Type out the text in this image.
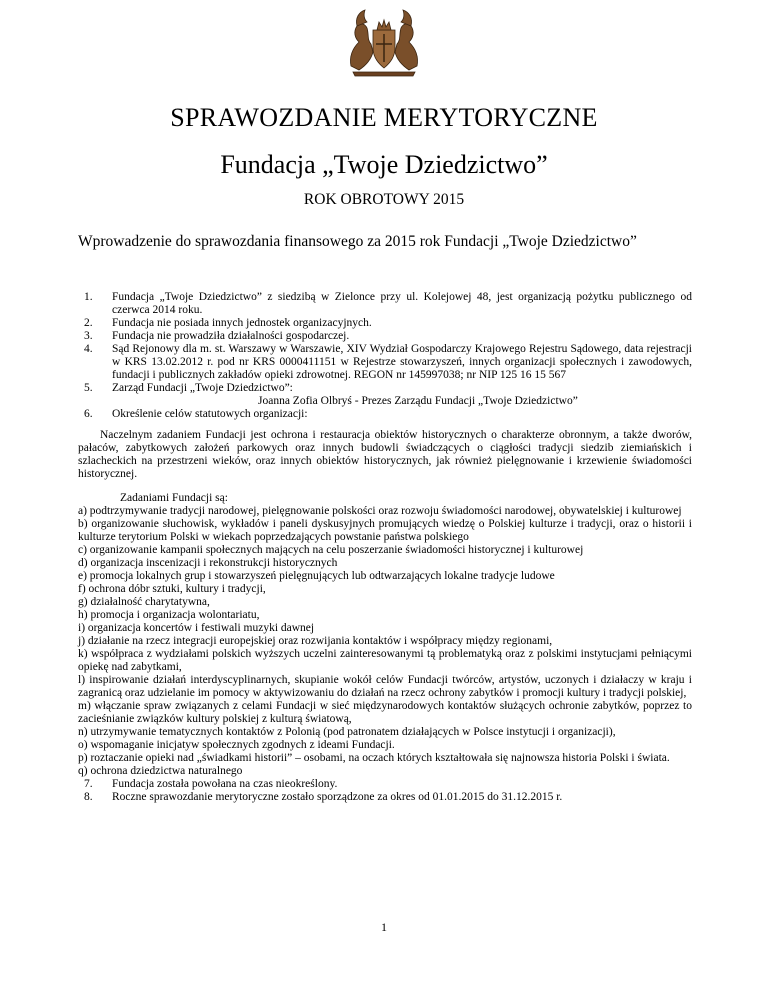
SPRAWOZDANIE MERYTORYCZNE
Fundacja „Twoje Dziedzictwo”
ROK OBROTOWY 2015
Wprowadzenie do sprawozdania finansowego za 2015 rok Fundacji „Twoje Dziedzictwo”
1. Fundacja „Twoje Dziedzictwo” z siedzibą w Zielonce przy ul. Kolejowej 48, jest organizacją pożytku publicznego od czerwca 2014 roku.
2. Fundacja nie posiada innych jednostek organizacyjnych.
3. Fundacja nie prowadziła działalności gospodarczej.
4. Sąd Rejonowy dla m. st. Warszawy w Warszawie, XIV Wydział Gospodarczy Krajowego Rejestru Sądowego, data rejestracji w KRS 13.02.2012 r. pod nr KRS 0000411151 w Rejestrze stowarzyszeń, innych organizacji społecznych i zawodowych, fundacji i publicznych zakładów opieki zdrowotnej. REGON nr 145997038; nr NIP 125 16 15 567
5. Zarząd Fundacji „Twoje Dziedzictwo”:
Joanna Zofia Olbryś - Prezes Zarządu Fundacji „Twoje Dziedzictwo”
6. Określenie celów statutowych organizacji:
Naczelnym zadaniem Fundacji jest ochrona i restauracja obiektów historycznych o charakterze obronnym, a także dworów, pałaców, zabytkowych założeń parkowych oraz innych budowli świadczących o ciągłości tradycji siedzib ziemiańskich i szlacheckich na przestrzeni wieków, oraz innych obiektów historycznych, jak również pielęgnowanie i krzewienie świadomości historycznej.
Zadaniami Fundacji są:
a) podtrzymywanie tradycji narodowej, pielęgnowanie polskości oraz rozwoju świadomości narodowej, obywatelskiej i kulturowej
b) organizowanie słuchowisk, wykładów i paneli dyskusyjnych promujących wiedzę o Polskiej kulturze i tradycji, oraz o historii i kulturze terytorium Polski w wiekach poprzedzających powstanie państwa polskiego
c) organizowanie kampanii społecznych mających na celu poszerzanie świadomości historycznej i kulturowej
d) organizacja inscenizacji i rekonstrukcji historycznych
e) promocja lokalnych grup i stowarzyszeń pielęgnujących lub odtwarzających lokalne tradycje ludowe
f) ochrona dóbr sztuki, kultury i tradycji,
g) działalność charytatywna,
h) promocja i organizacja wolontariatu,
i) organizacja koncertów i festiwali muzyki dawnej
j) działanie na rzecz integracji europejskiej oraz rozwijania kontaktów i współpracy między regionami,
k) współpraca z wydziałami polskich wyższych uczelni zainteresowanymi tą problematyką oraz z polskimi instytucjami pełniącymi opiekę nad zabytkami,
l) inspirowanie działań interdyscyplinarnych, skupianie wokół celów Fundacji twórców, artystów, uczonych i działaczy w kraju i zagranicą oraz udzielanie im pomocy w aktywizowaniu do działań na rzecz ochrony zabytków i promocji kultury i tradycji polskiej,
m) włączanie spraw związanych z celami Fundacji w sieć międzynarodowych kontaktów służących ochronie zabytków, poprzez to zacieśnianie związków kultury polskiej z kulturą światową,
n) utrzymywanie tematycznych kontaktów z Polonią (pod patronatem działających w Polsce instytucji i organizacji),
o) wspomaganie inicjatyw społecznych zgodnych z ideami Fundacji.
p) roztaczanie opieki nad „świadkami historii” – osobami, na oczach których kształtowała się najnowsza historia Polski i świata.
q) ochrona dziedzictwa naturalnego
7. Fundacja została powołana na czas nieokreślony.
8. Roczne sprawozdanie merytoryczne zostało sporządzone za okres od 01.01.2015 do 31.12.2015 r.
1
